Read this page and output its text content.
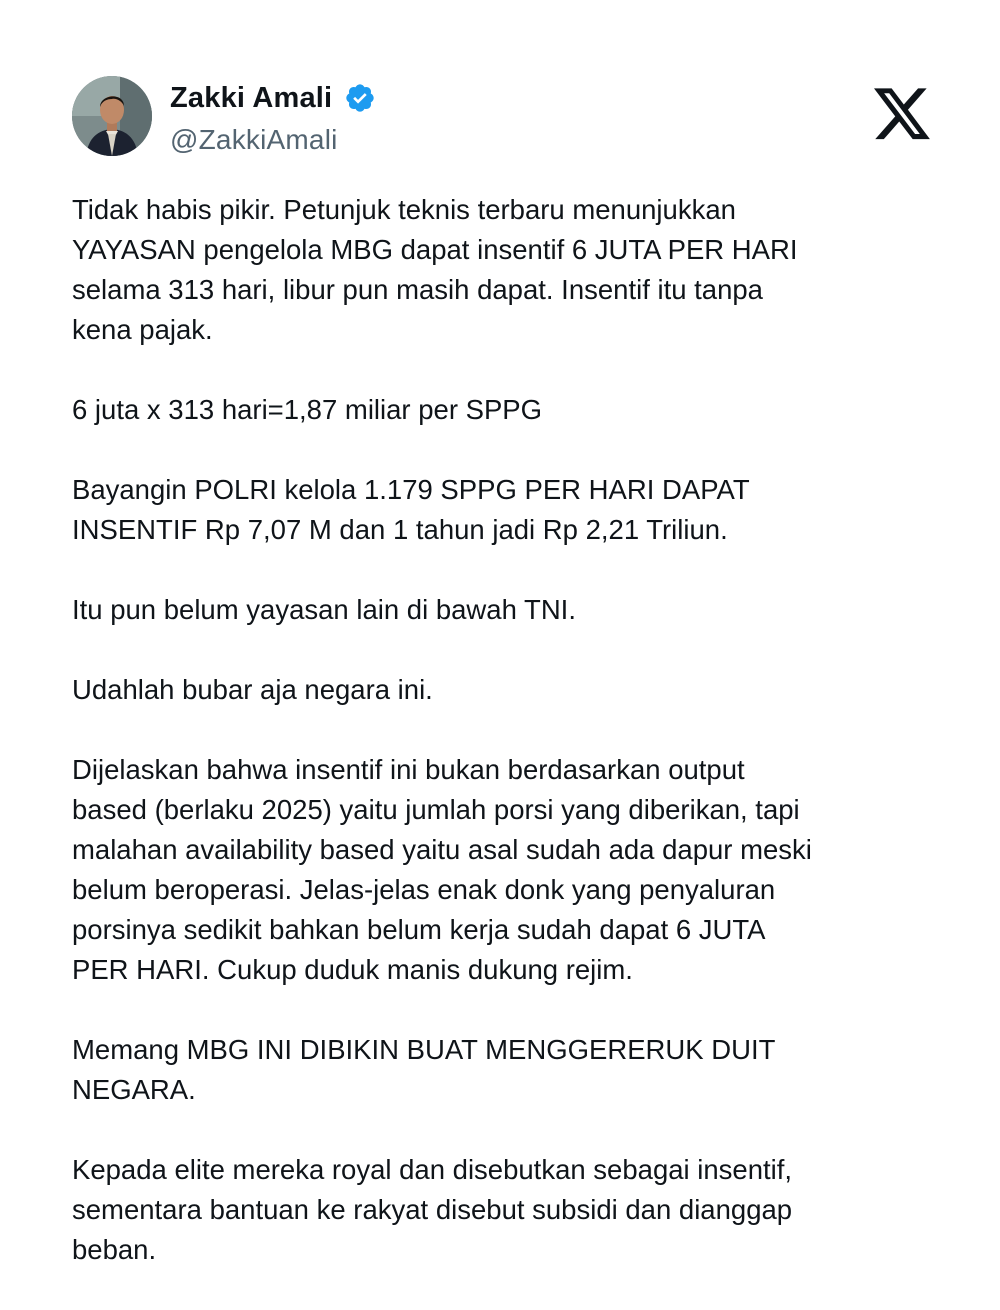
Zakki Amali
@ZakkiAmali

Tidak habis pikir. Petunjuk teknis terbaru menunjukkan
YAYASAN pengelola MBG dapat insentif 6 JUTA PER HARI
selama 313 hari, libur pun masih dapat. Insentif itu tanpa
kena pajak.

6 juta x 313 hari=1,87 miliar per SPPG

Bayangin POLRI kelola 1.179 SPPG PER HARI DAPAT
INSENTIF Rp 7,07 M dan 1 tahun jadi Rp 2,21 Triliun.

Itu pun belum yayasan lain di bawah TNI.

Udahlah bubar aja negara ini.

Dijelaskan bahwa insentif ini bukan berdasarkan output
based (berlaku 2025) yaitu jumlah porsi yang diberikan, tapi
malahan availability based yaitu asal sudah ada dapur meski
belum beroperasi. Jelas-jelas enak donk yang penyaluran
porsinya sedikit bahkan belum kerja sudah dapat 6 JUTA
PER HARI. Cukup duduk manis dukung rejim.

Memang MBG INI DIBIKIN BUAT MENGGERERUK DUIT
NEGARA.

Kepada elite mereka royal dan disebutkan sebagai insentif,
sementara bantuan ke rakyat disebut subsidi dan dianggap
beban.
